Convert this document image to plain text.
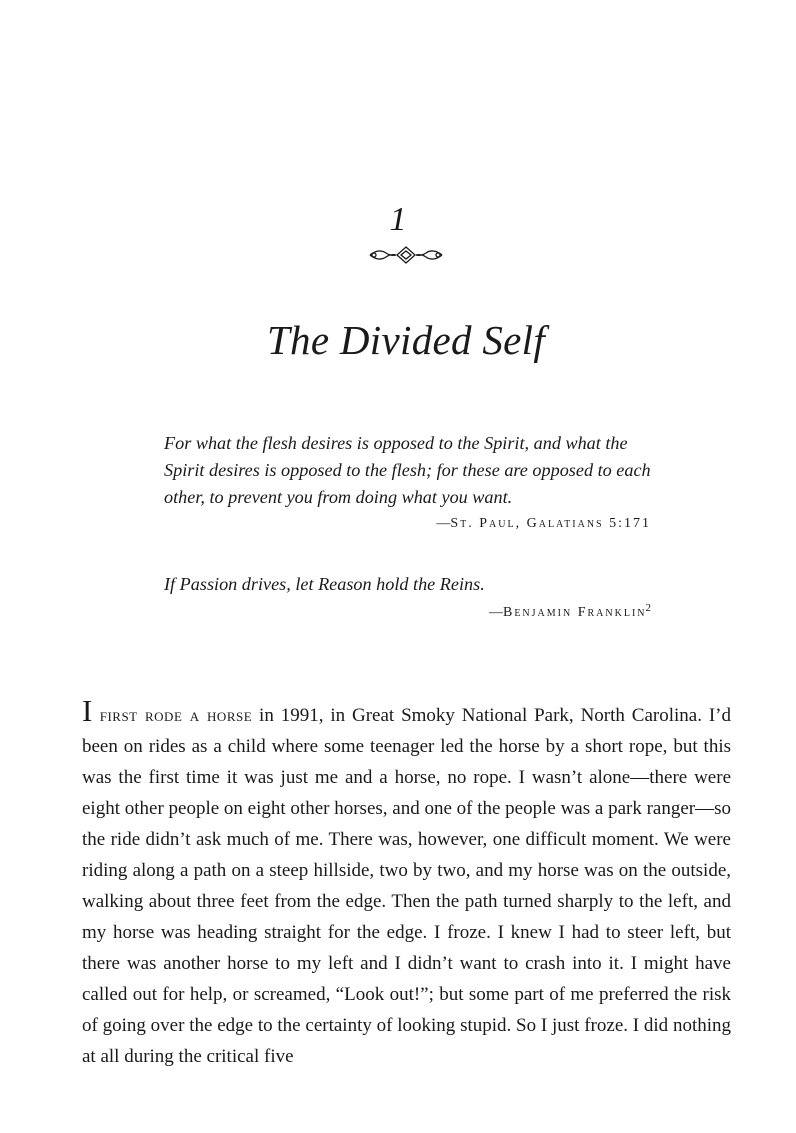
1
The Divided Self

For what the flesh desires is opposed to the Spirit, and what the Spirit desires is opposed to the flesh; for these are opposed to each other, to prevent you from doing what you want.

—St. Paul, Galatians 5:171

If Passion drives, let Reason hold the Reins.

—Benjamin Franklin$^2$

I first rode a horse in 1991, in Great Smoky National Park, North Carolina. I’d been on rides as a child where some teenager led the horse by a short rope, but this was the first time it was just me and a horse, no rope. I wasn’t alone—there were eight other people on eight other horses, and one of the people was a park ranger—so the ride didn’t ask much of me. There was, however, one difficult moment. We were riding along a path on a steep hillside, two by two, and my horse was on the outside, walking about three feet from the edge. Then the path turned sharply to the left, and my horse was heading straight for the edge. I froze. I knew I had to steer left, but there was another horse to my left and I didn’t want to crash into it. I might have called out for help, or screamed, “Look out!”; but some part of me preferred the risk of going over the edge to the certainty of looking stupid. So I just froze. I did nothing at all during the critical five
